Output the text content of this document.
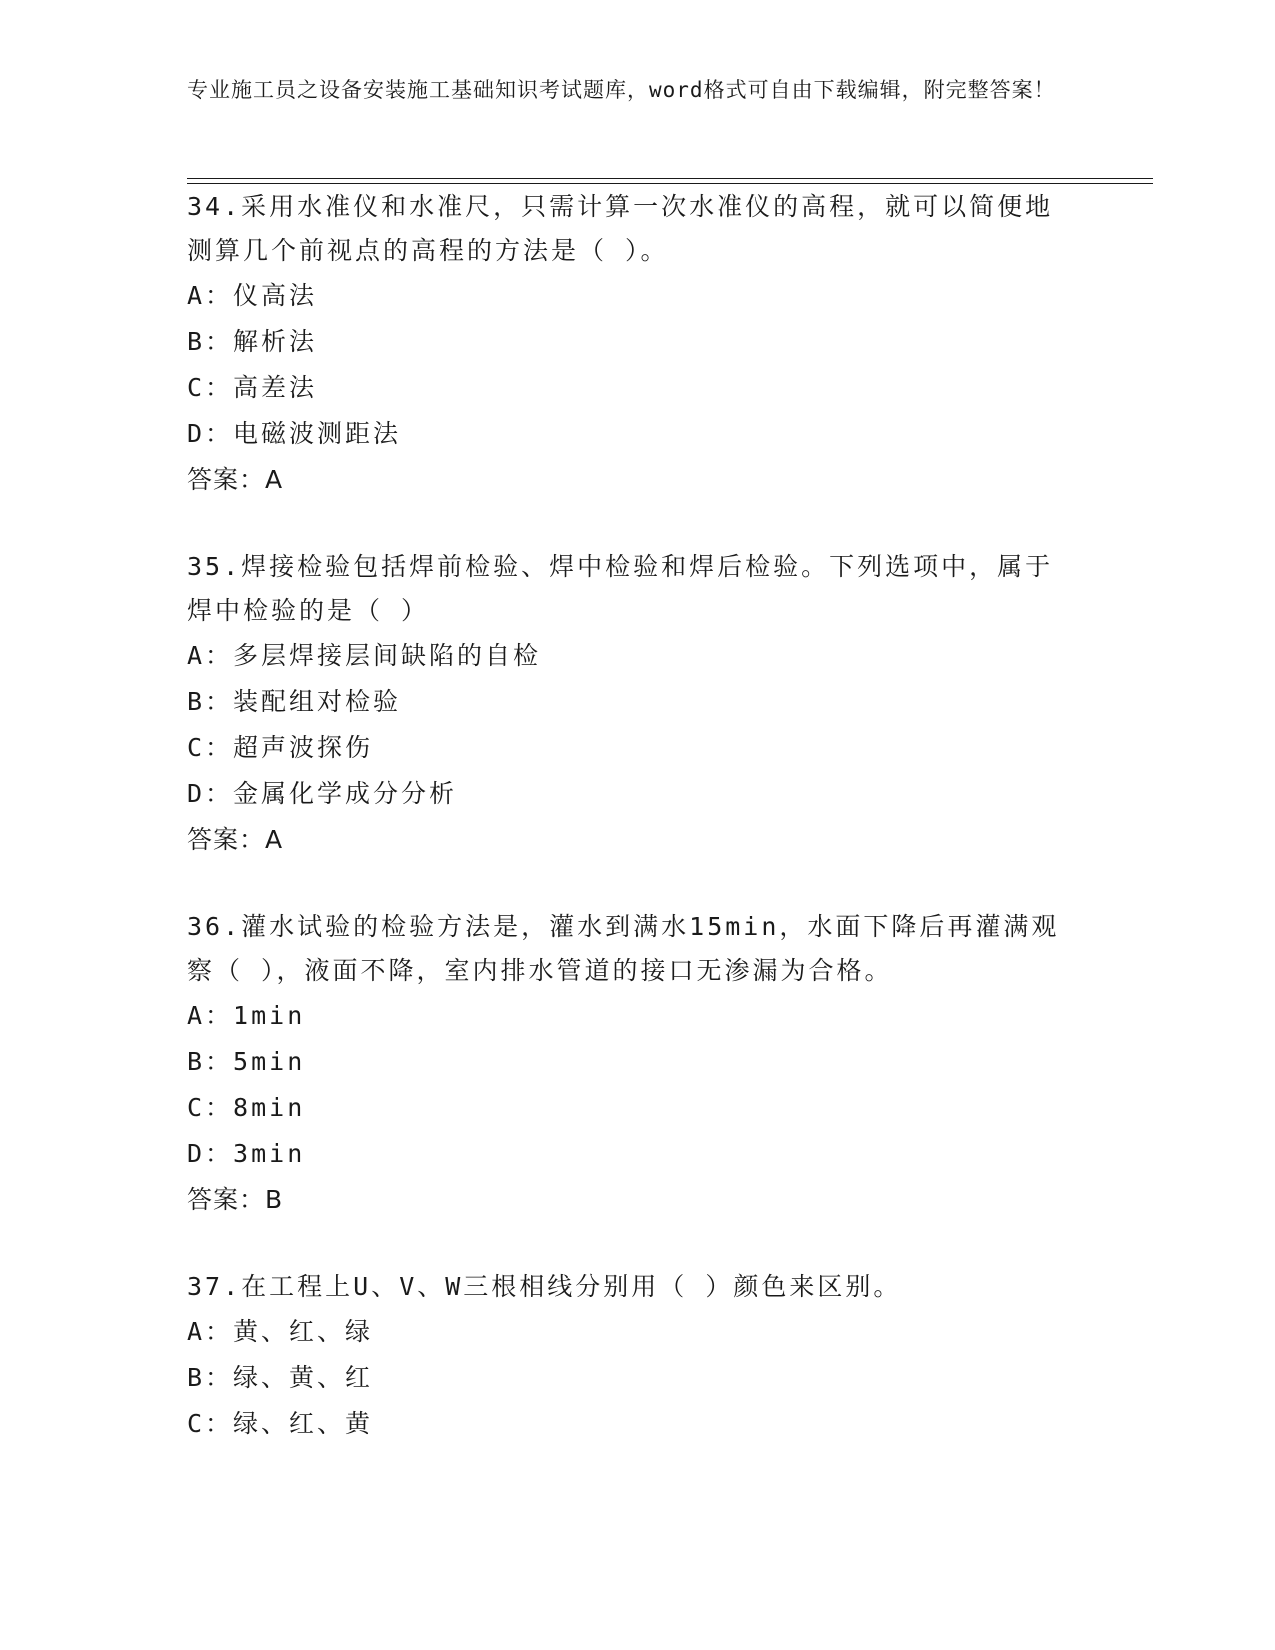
专业施工员之设备安装施工基础知识考试题库，word格式可自由下载编辑，附完整答案！
34.采用水准仪和水准尺，只需计算一次水准仪的高程，就可以简便地测算几个前视点的高程的方法是（ ）。
A：仪高法
B：解析法
C：高差法
D：电磁波测距法
答案：A
35.焊接检验包括焊前检验、焊中检验和焊后检验。下列选项中，属于焊中检验的是（ ）
A：多层焊接层间缺陷的自检
B：装配组对检验
C：超声波探伤
D：金属化学成分分析
答案：A
36.灌水试验的检验方法是，灌水到满水15min，水面下降后再灌满观察（ ），液面不降，室内排水管道的接口无渗漏为合格。
A：1min
B：5min
C：8min
D：3min
答案：B
37.在工程上U、V、W三根相线分别用（ ）颜色来区别。
A：黄、红、绿
B：绿、黄、红
C：绿、红、黄
